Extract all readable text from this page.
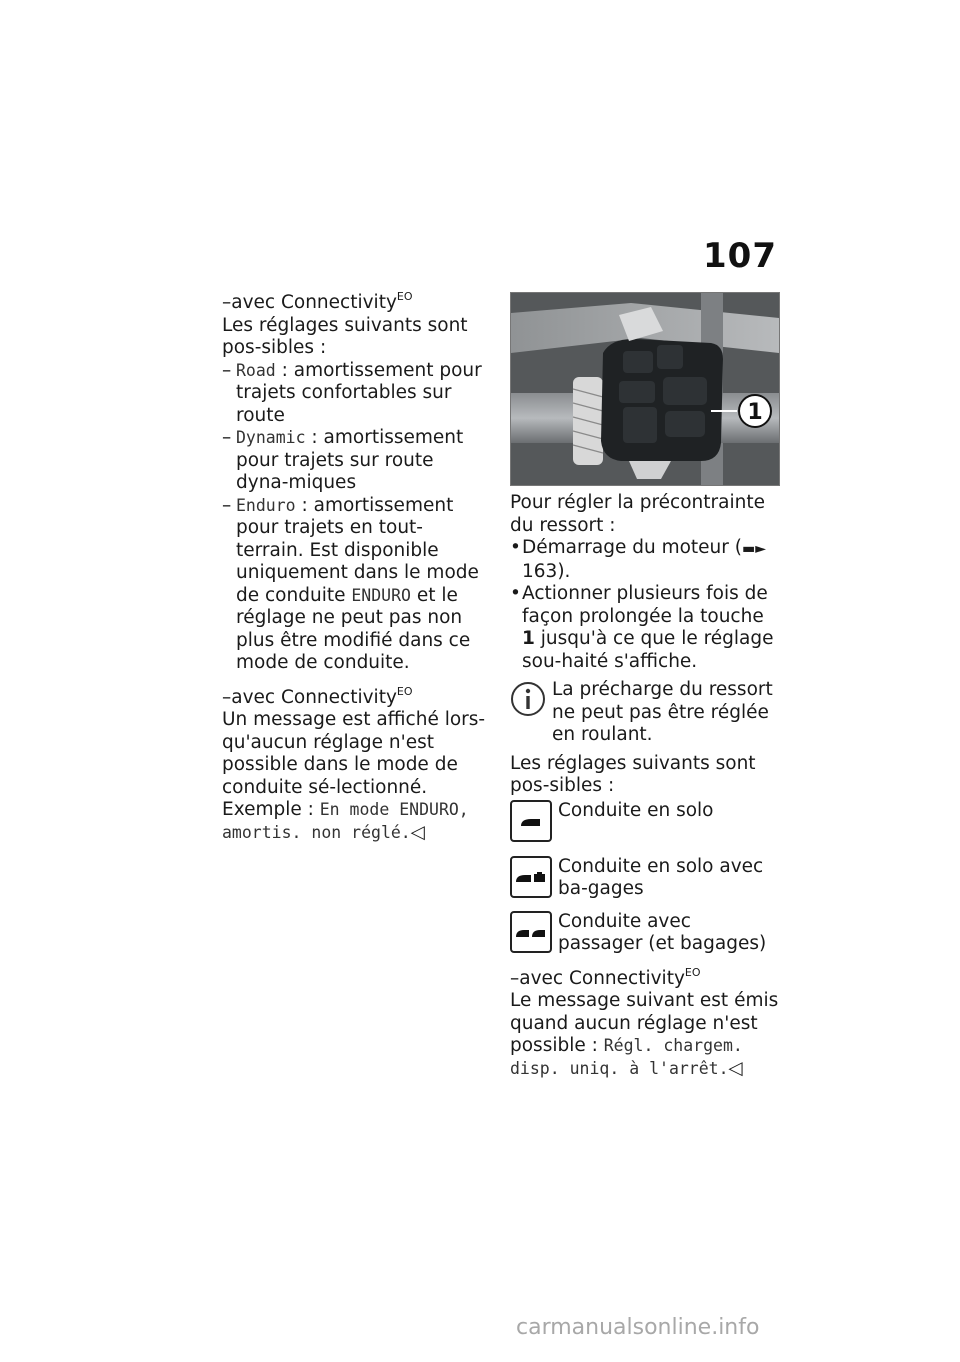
107

–avec Connectivity$^{EO}$

Les réglages suivants sont pos-sibles :

– Road : amortissement pour trajets confortables sur route
– Dynamic : amortissement pour trajets sur route dyna-miques
– Enduro : amortissement pour trajets en tout-terrain. Est disponible uniquement dans le mode de conduite ENDURO et le réglage ne peut pas non plus être modifié dans ce mode de conduite.

–avec Connectivity$^{EO}$

Un message est affiché lors-qu'aucun réglage n'est possible dans le mode de conduite sé-lectionné. Exemple : En mode ENDURO, amortis. non réglé.◁

1

Pour régler la précontrainte du ressort :

• Démarrage du moteur (▬► 163).
• Actionner plusieurs fois de façon prolongée la touche 1 jusqu'à ce que le réglage sou-haité s'affiche.

La précharge du ressort ne peut pas être réglée en roulant.

Les réglages suivants sont pos-sibles :

Conduite en solo
Conduite en solo avec ba-gages
Conduite avec passager (et bagages)

–avec Connectivity$^{EO}$

Le message suivant est émis quand aucun réglage n'est possible : Régl. chargem. disp. uniq. à l'arrêt.◁

carmanualsonline.info
